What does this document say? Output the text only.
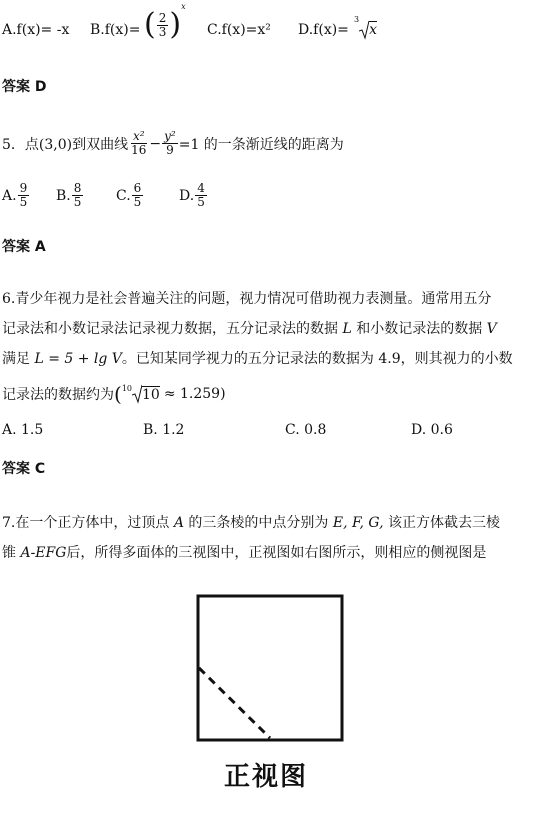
A.f(x)= -x B.f(x)= ( $\frac{2}{3} )^x$
C.f(x)=x² D.f(x)=
$^3$x
答案 D
5．点(3,0)到双曲线 $\frac{\text{x²}}{16} - \frac{\text{y²}}{9} =1$ 的一条渐近线的距离为
A. $\frac{9}{5} B$. $\frac{8}{5} C$. $\frac{6}{5}$	D. $\frac{4}{5}$
答案 A
6.青少年视力是社会普遍关注的问题，视力情况可借助视力表测量。通常用五分
记录法和小数记录法记录视力数据，五分记录法的数据 L 和小数记录法的数据 V
满足 L = 5 + lg V。已知某同学视力的五分记录法的数据为 4.9，则其视力的小数
记录法的数据约为 ($^{10}$ 10 ≈ 1.259)
A. 1.5	B. 1.2	C. 0.8	D. 0.6
答案 C
7.在一个正方体中，过顶点 A 的三条棱的中点分别为 E, F, G, 该正方体截去三棱
锥 A-EFG后，所得多面体的三视图中，正视图如右图所示，则相应的侧视图是
正视图
